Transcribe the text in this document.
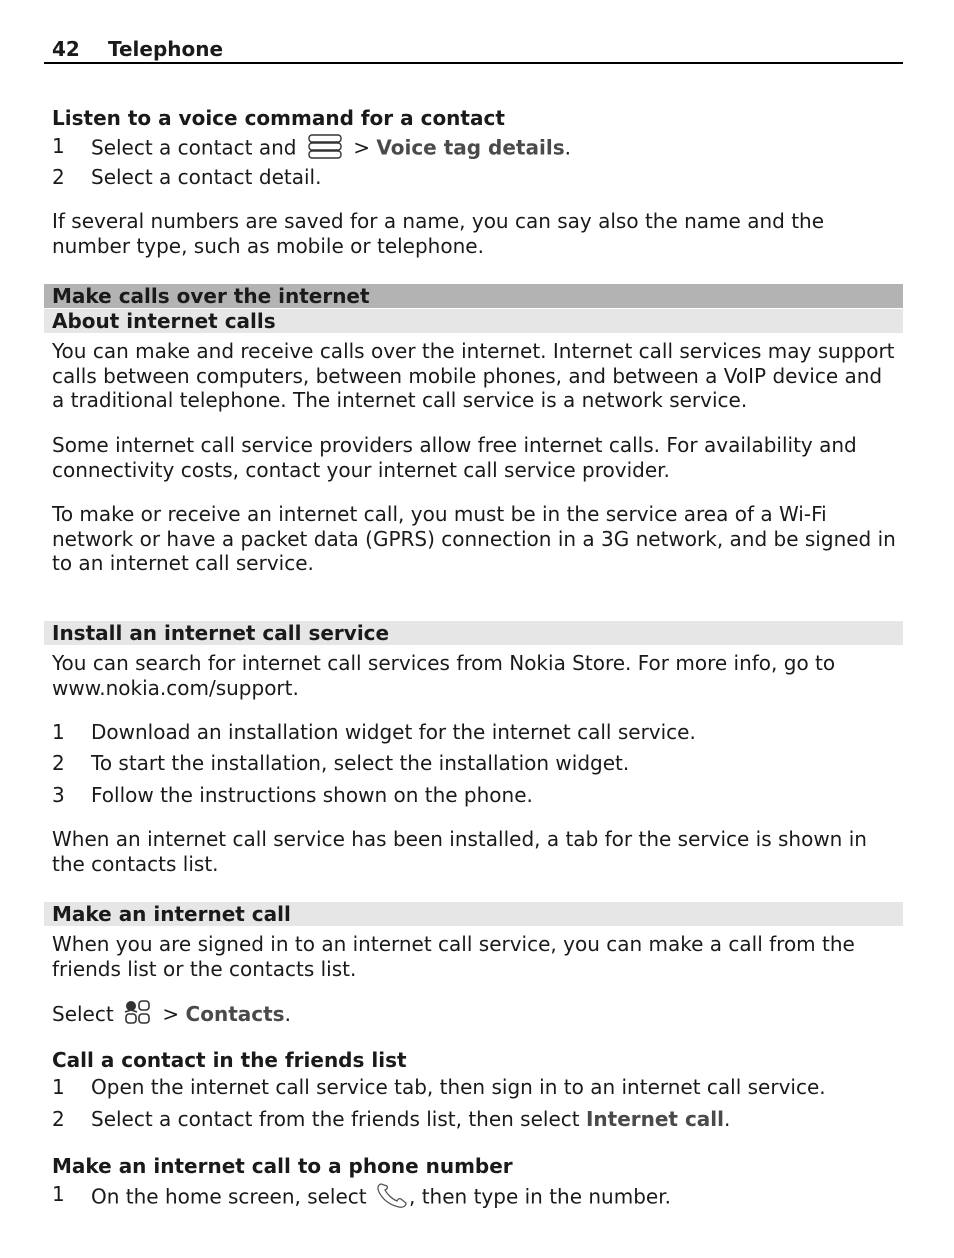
42 Telephone
Listen to a voice command for a contact
1 Select a contact and	> Voice tag details.
2 Select a contact detail.
If several numbers are saved for a name, you can say also the name and the number type, such as mobile or telephone.
Make calls over the internet
About internet calls
You can make and receive calls over the internet. Internet call services may support calls between computers, between mobile phones, and between a VoIP device and a traditional telephone. The internet call service is a network service.
Some internet call service providers allow free internet calls. For availability and connectivity costs, contact your internet call service provider.
To make or receive an internet call, you must be in the service area of a Wi-Fi network or have a packet data (GPRS) connection in a 3G network, and be signed in to an internet call service.
Install an internet call service
You can search for internet call services from Nokia Store. For more info, go to www.nokia.com/support.
1 Download an installation widget for the internet call service.
2 To start the installation, select the installation widget.
3 Follow the instructions shown on the phone.
When an internet call service has been installed, a tab for the service is shown in the contacts list.
Make an internet call
When you are signed in to an internet call service, you can make a call from the friends list or the contacts list.
Select > Contacts.
Call a contact in the friends list
1 Open the internet call service tab, then sign in to an internet call service.
2 Select a contact from the friends list, then select Internet call.
Make an internet call to a phone number
1 On the home screen, select , then type in the number.
